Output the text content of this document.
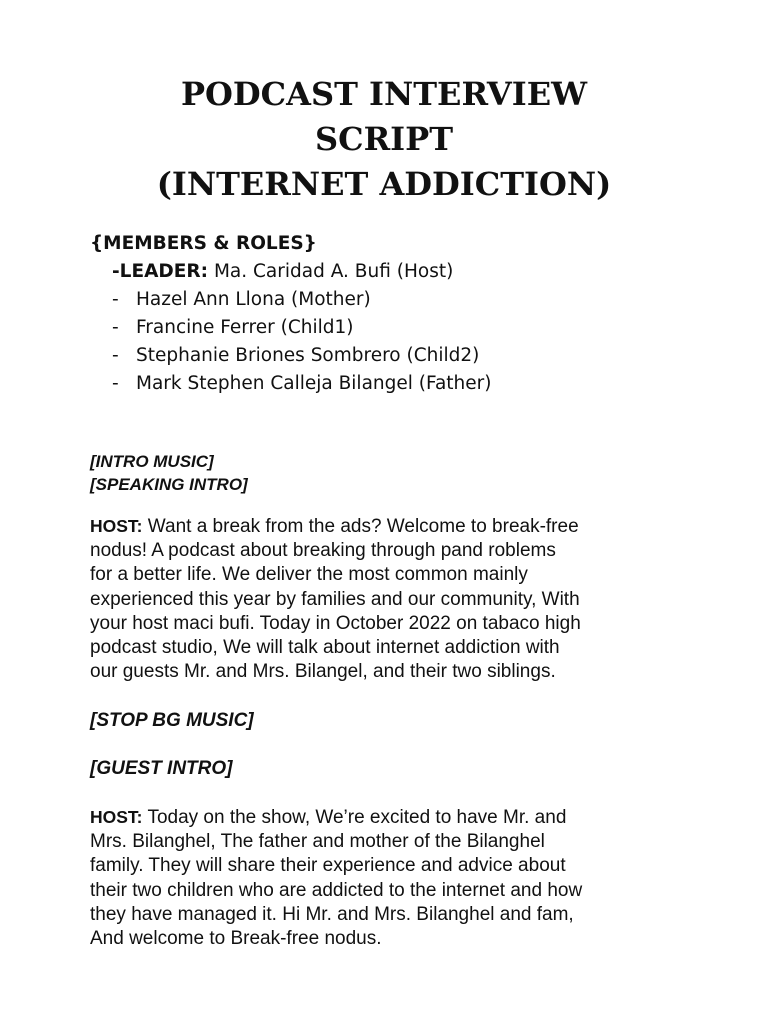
PODCAST INTERVIEW
SCRIPT
(INTERNET ADDICTION)
{MEMBERS & ROLES}
-LEADER: Ma. Caridad A. Bufi (Host)
- Hazel Ann Llona (Mother)
- Francine Ferrer (Child1)
- Stephanie Briones Sombrero (Child2)
- Mark Stephen Calleja Bilangel (Father)
[INTRO MUSIC]
[SPEAKING INTRO]
HOST: Want a break from the ads? Welcome to break-free
nodus! A podcast about breaking through pand roblems
for a better life. We deliver the most common mainly
experienced this year by families and our community, With
your host maci bufi. Today in October 2022 on tabaco high
podcast studio, We will talk about internet addiction with
our guests Mr. and Mrs. Bilangel, and their two siblings.
[STOP BG MUSIC]
[GUEST INTRO]
HOST: Today on the show, We’re excited to have Mr. and
Mrs. Bilanghel, The father and mother of the Bilanghel
family. They will share their experience and advice about
their two children who are addicted to the internet and how
they have managed it. Hi Mr. and Mrs. Bilanghel and fam,
And welcome to Break-free nodus.
